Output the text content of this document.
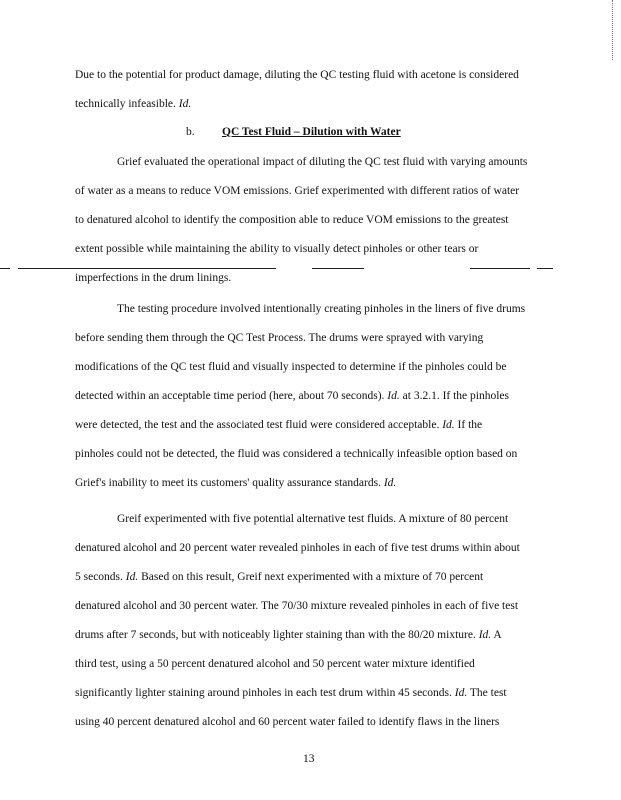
Due to the potential for product damage, diluting the QC testing fluid with acetone is considered
technically infeasible. Id.
b. QC Test Fluid – Dilution with Water
Grief evaluated the operational impact of diluting the QC test fluid with varying amounts
of water as a means to reduce VOM emissions. Grief experimented with different ratios of water
to denatured alcohol to identify the composition able to reduce VOM emissions to the greatest
extent possible while maintaining the ability to visually detect pinholes or other tears or
imperfections in the drum linings.
The testing procedure involved intentionally creating pinholes in the liners of five drums
before sending them through the QC Test Process. The drums were sprayed with varying
modifications of the QC test fluid and visually inspected to determine if the pinholes could be
detected within an acceptable time period (here, about 70 seconds). Id. at 3.2.1. If the pinholes
were detected, the test and the associated test fluid were considered acceptable. Id. If the
pinholes could not be detected, the fluid was considered a technically infeasible option based on
Grief's inability to meet its customers' quality assurance standards. Id.
Greif experimented with five potential alternative test fluids. A mixture of 80 percent
denatured alcohol and 20 percent water revealed pinholes in each of five test drums within about
5 seconds. Id. Based on this result, Greif next experimented with a mixture of 70 percent
denatured alcohol and 30 percent water. The 70/30 mixture revealed pinholes in each of five test
drums after 7 seconds, but with noticeably lighter staining than with the 80/20 mixture. Id. A
third test, using a 50 percent denatured alcohol and 50 percent water mixture identified
significantly lighter staining around pinholes in each test drum within 45 seconds. Id. The test
using 40 percent denatured alcohol and 60 percent water failed to identify flaws in the liners
13
